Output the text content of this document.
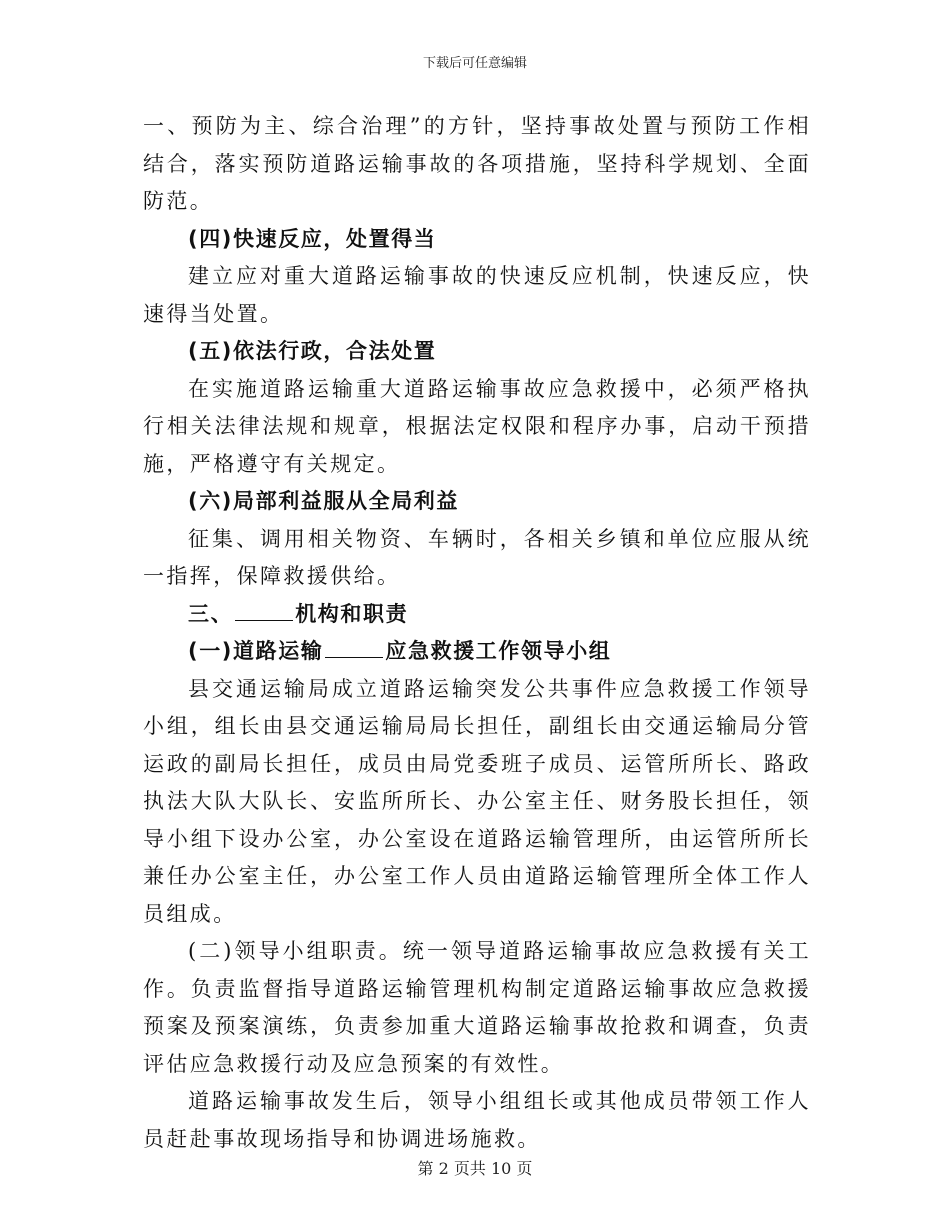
下载后可任意编辑

一、预防为主、综合治理”的方针，坚持事故处置与预防工作相结合，落实预防道路运输事故的各项措施，坚持科学规划、全面防范。

(四)快速反应，处置得当

建立应对重大道路运输事故的快速反应机制，快速反应，快速得当处置。

(五)依法行政，合法处置

在实施道路运输重大道路运输事故应急救援中，必须严格执行相关法律法规和规章，根据法定权限和程序办事，启动干预措施，严格遵守有关规定。

(六)局部利益服从全局利益

征集、调用相关物资、车辆时，各相关乡镇和单位应服从统一指挥，保障救援供给。

三、	机构和职责

(一)道路运输	应急救援工作领导小组

县交通运输局成立道路运输突发公共事件应急救援工作领导小组，组长由县交通运输局局长担任，副组长由交通运输局分管运政的副局长担任，成员由局党委班子成员、运管所所长、路政执法大队大队长、安监所所长、办公室主任、财务股长担任，领导小组下设办公室，办公室设在道路运输管理所，由运管所所长兼任办公室主任，办公室工作人员由道路运输管理所全体工作人员组成。

(二)领导小组职责。统一领导道路运输事故应急救援有关工作。负责监督指导道路运输管理机构制定道路运输事故应急救援预案及预案演练，负责参加重大道路运输事故抢救和调查，负责评估应急救援行动及应急预案的有效性。

道路运输事故发生后，领导小组组长或其他成员带领工作人员赶赴事故现场指导和协调进场施救。

第 2 页共 10 页
